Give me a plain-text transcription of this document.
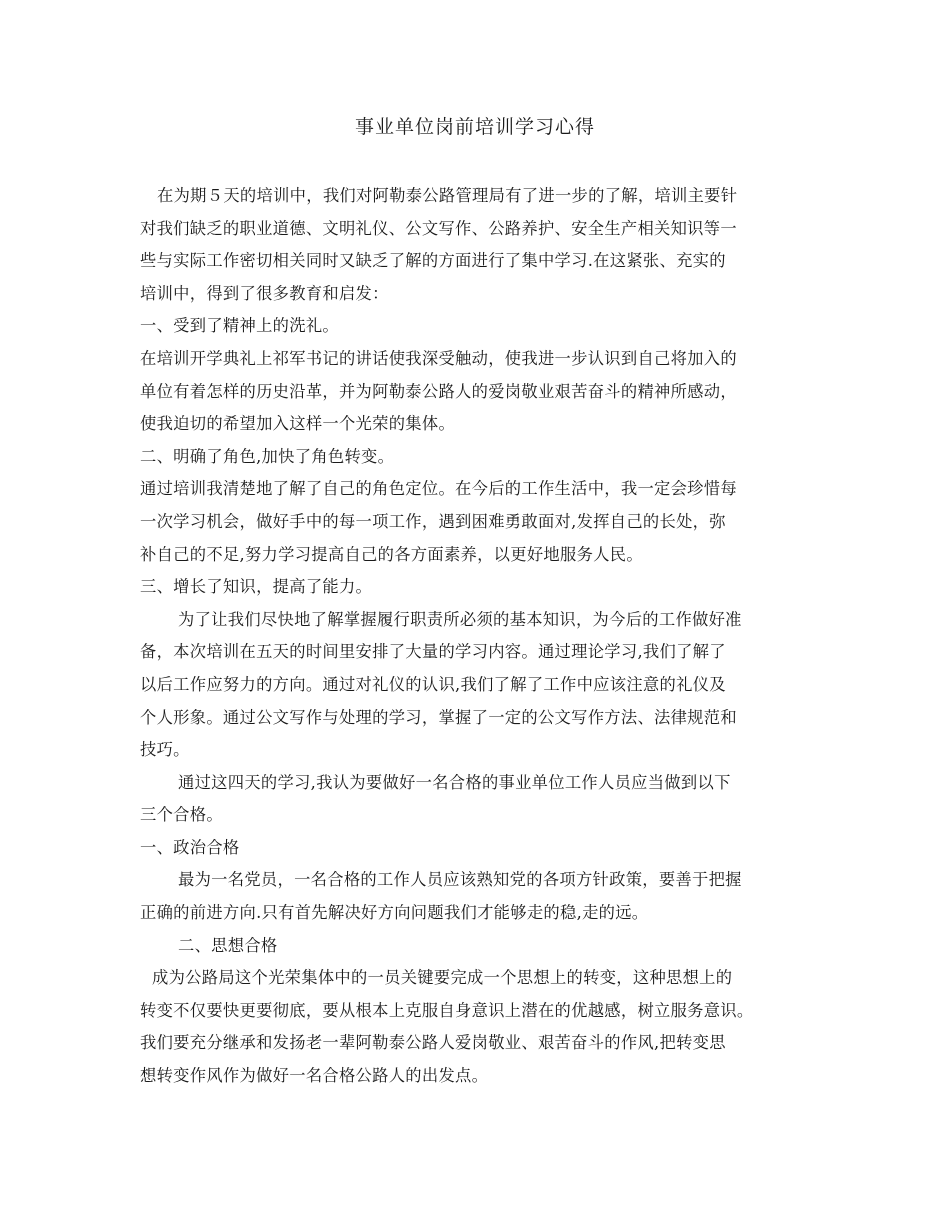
事业单位岗前培训学习心得
在为期５天的培训中，我们对阿勒泰公路管理局有了进一步的了解，培训主要针
对我们缺乏的职业道德、文明礼仪、公文写作、公路养护、安全生产相关知识等一
些与实际工作密切相关同时又缺乏了解的方面进行了集中学习.在这紧张、充实的
培训中，得到了很多教育和启发：
一、受到了精神上的洗礼。
在培训开学典礼上祁军书记的讲话使我深受触动，使我进一步认识到自己将加入的
单位有着怎样的历史沿革，并为阿勒泰公路人的爱岗敬业艰苦奋斗的精神所感动，
使我迫切的希望加入这样一个光荣的集体。
二、明确了角色,加快了角色转变。
通过培训我清楚地了解了自己的角色定位。在今后的工作生活中，我一定会珍惜每
一次学习机会，做好手中的每一项工作，遇到困难勇敢面对,发挥自己的长处，弥
补自己的不足,努力学习提高自己的各方面素养，以更好地服务人民。
三、增长了知识，提高了能力。
为了让我们尽快地了解掌握履行职责所必须的基本知识，为今后的工作做好准
备，本次培训在五天的时间里安排了大量的学习内容。通过理论学习,我们了解了
以后工作应努力的方向。通过对礼仪的认识,我们了解了工作中应该注意的礼仪及
个人形象。通过公文写作与处理的学习，掌握了一定的公文写作方法、法律规范和
技巧。
通过这四天的学习,我认为要做好一名合格的事业单位工作人员应当做到以下
三个合格。
一、政治合格
最为一名党员，一名合格的工作人员应该熟知党的各项方针政策，要善于把握
正确的前进方向.只有首先解决好方向问题我们才能够走的稳,走的远。
二、思想合格
成为公路局这个光荣集体中的一员关键要完成一个思想上的转变，这种思想上的
转变不仅要快更要彻底，要从根本上克服自身意识上潜在的优越感，树立服务意识。
我们要充分继承和发扬老一辈阿勒泰公路人爱岗敬业、艰苦奋斗的作风,把转变思
想转变作风作为做好一名合格公路人的出发点。
